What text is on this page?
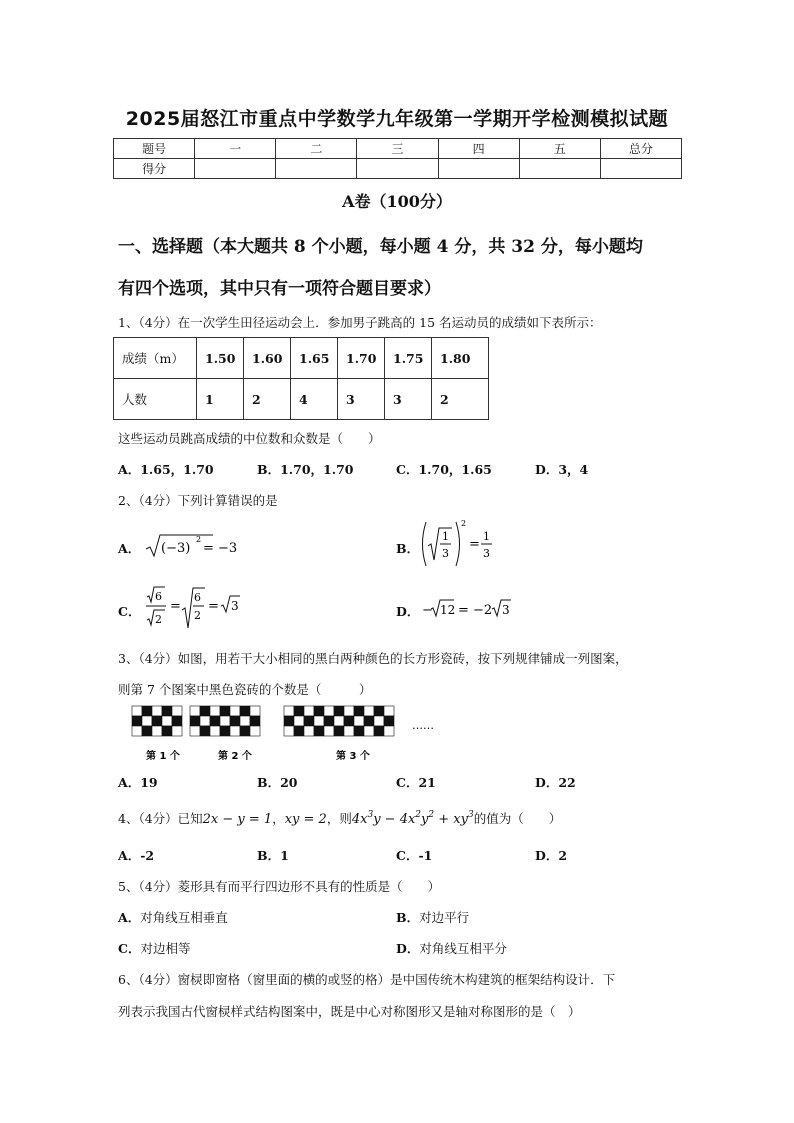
2025届怒江市重点中学数学九年级第一学期开学检测模拟试题
题号	一	二	三	四	五	总分
得分						
A卷（100分）
一、选择题（本大题共 8 个小题，每小题 4 分，共 32 分，每小题均
有四个选项，其中只有一项符合题目要求）
1、（4分）在一次学生田径运动会上．参加男子跳高的 15 名运动员的成绩如下表所示：
成绩（m）	1.50	1.60	1.65	1.70	1.75	1.80
人数	1	2	4	3	3	2
这些运动员跳高成绩的中位数和众数是（　　）
A．1.65，1.70	B．1.70，1.70	C．1.70，1.65	D．3，4
2、（4分）下列计算错误的是
A． (−3)
2
= −3	B．
1
3
2
=
1
3
C．
6
2
=
6
2
= 3	D． − 12 = −2 3
3、（4分）如图，用若干大小相同的黑白两种颜色的长方形瓷砖，按下列规律铺成一列图案，
则第 7 个图案中黑色瓷砖的个数是（　　　）
第 1 个	第 2 个	第 3 个
……
A．19	B．20	C．21	D．22
4、（4分）已知2x − y = 1，xy = 2，则$4x^3y - 4x^2y^2 + xy^3$的值为（　　）
A．-2	B．1	C．-1	D．2
5、（4分）菱形具有而平行四边形不具有的性质是（　　）
A．对角线互相垂直	B．对边平行
C．对边相等	D．对角线互相平分
6、（4分）窗棂即窗格（窗里面的横的或竖的格）是中国传统木构建筑的框架结构设计．下
列表示我国古代窗棂样式结构图案中，既是中心对称图形又是轴对称图形的是（　）
